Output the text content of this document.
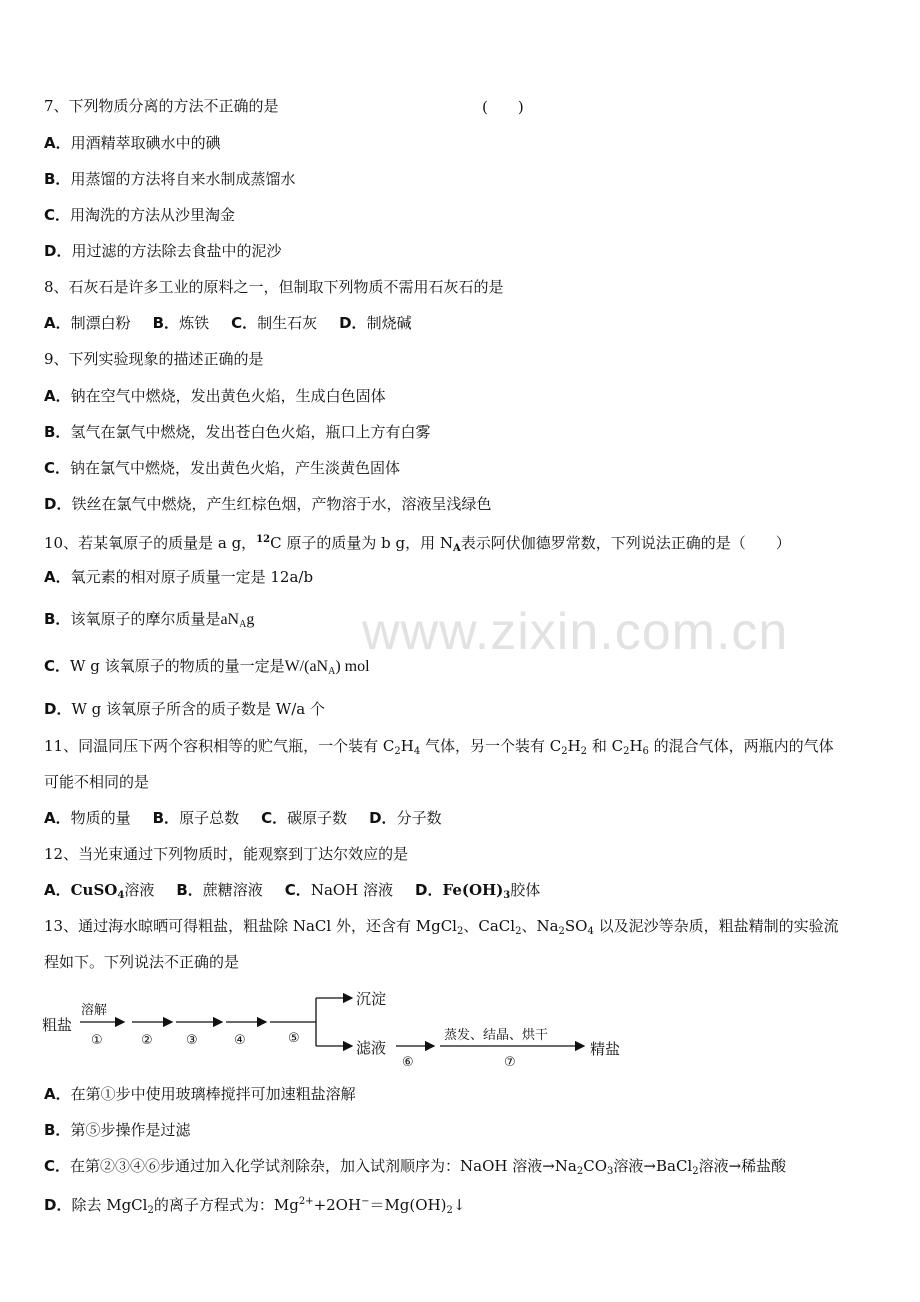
www.zixin.com.cn
7、下列物质分离的方法不正确的是	(　　)
A．用酒精萃取碘水中的碘
B．用蒸馏的方法将自来水制成蒸馏水
C．用淘洗的方法从沙里淘金
D．用过滤的方法除去食盐中的泥沙
8、石灰石是许多工业的原料之一，但制取下列物质不需用石灰石的是
A．制漂白粉 B．炼铁 C．制生石灰 D．制烧碱
9、下列实验现象的描述正确的是
A．钠在空气中燃烧，发出黄色火焰，生成白色固体
B．氢气在氯气中燃烧，发出苍白色火焰，瓶口上方有白雾
C．钠在氯气中燃烧，发出黄色火焰，产生淡黄色固体
D．铁丝在氯气中燃烧，产生红棕色烟，产物溶于水，溶液呈浅绿色
10、若某氧原子的质量是 a g，$^{12}$C 原子的质量为 b g，用 $N_A$表示阿伏伽德罗常数，下列说法正确的是（　　）
A．氧元素的相对原子质量一定是 12a/b
B．该氧原子的摩尔质量是$aN_Ag$
C．W g 该氧原子的物质的量一定是$W/(aN_A)$ mol
D．W g 该氧原子所含的质子数是 W/a 个
11、同温同压下两个容积相等的贮气瓶，一个装有 $C_2H_4$ 气体，另一个装有 $C_2H_2$ 和 $C_2H_6$ 的混合气体，两瓶内的气体
可能不相同的是
A．物质的量 B．原子总数 C．碳原子数 D．分子数
12、当光束通过下列物质时，能观察到丁达尔效应的是
A．CuSO$_4$溶液 B．蔗糖溶液 C．NaOH 溶液 D．$Fe(OH)_3$胶体
13、通过海水晾晒可得粗盐，粗盐除 NaCl 外，还含有 MgCl$_2$、CaCl$_2$、$Na_2SO_4$ 以及泥沙等杂质，粗盐精制的实验流
程如下。下列说法不正确的是
粗盐
溶解
①	②	③	④	⑤
沉淀
滤液
⑥
蒸发、结晶、烘干
⑦
精盐
A．在第①步中使用玻璃棒搅拌可加速粗盐溶解
B．第⑤步操作是过滤
C．在第②③④⑥步通过加入化学试剂除杂，加入试剂顺序为：NaOH 溶液$\to Na_2CO_3$溶液→BaCl$_2$溶液→稀盐酸
D．除去 MgCl$_2$的离子方程式为：$Mg^{2+}+2OH^-=Mg(OH)_2↓$
